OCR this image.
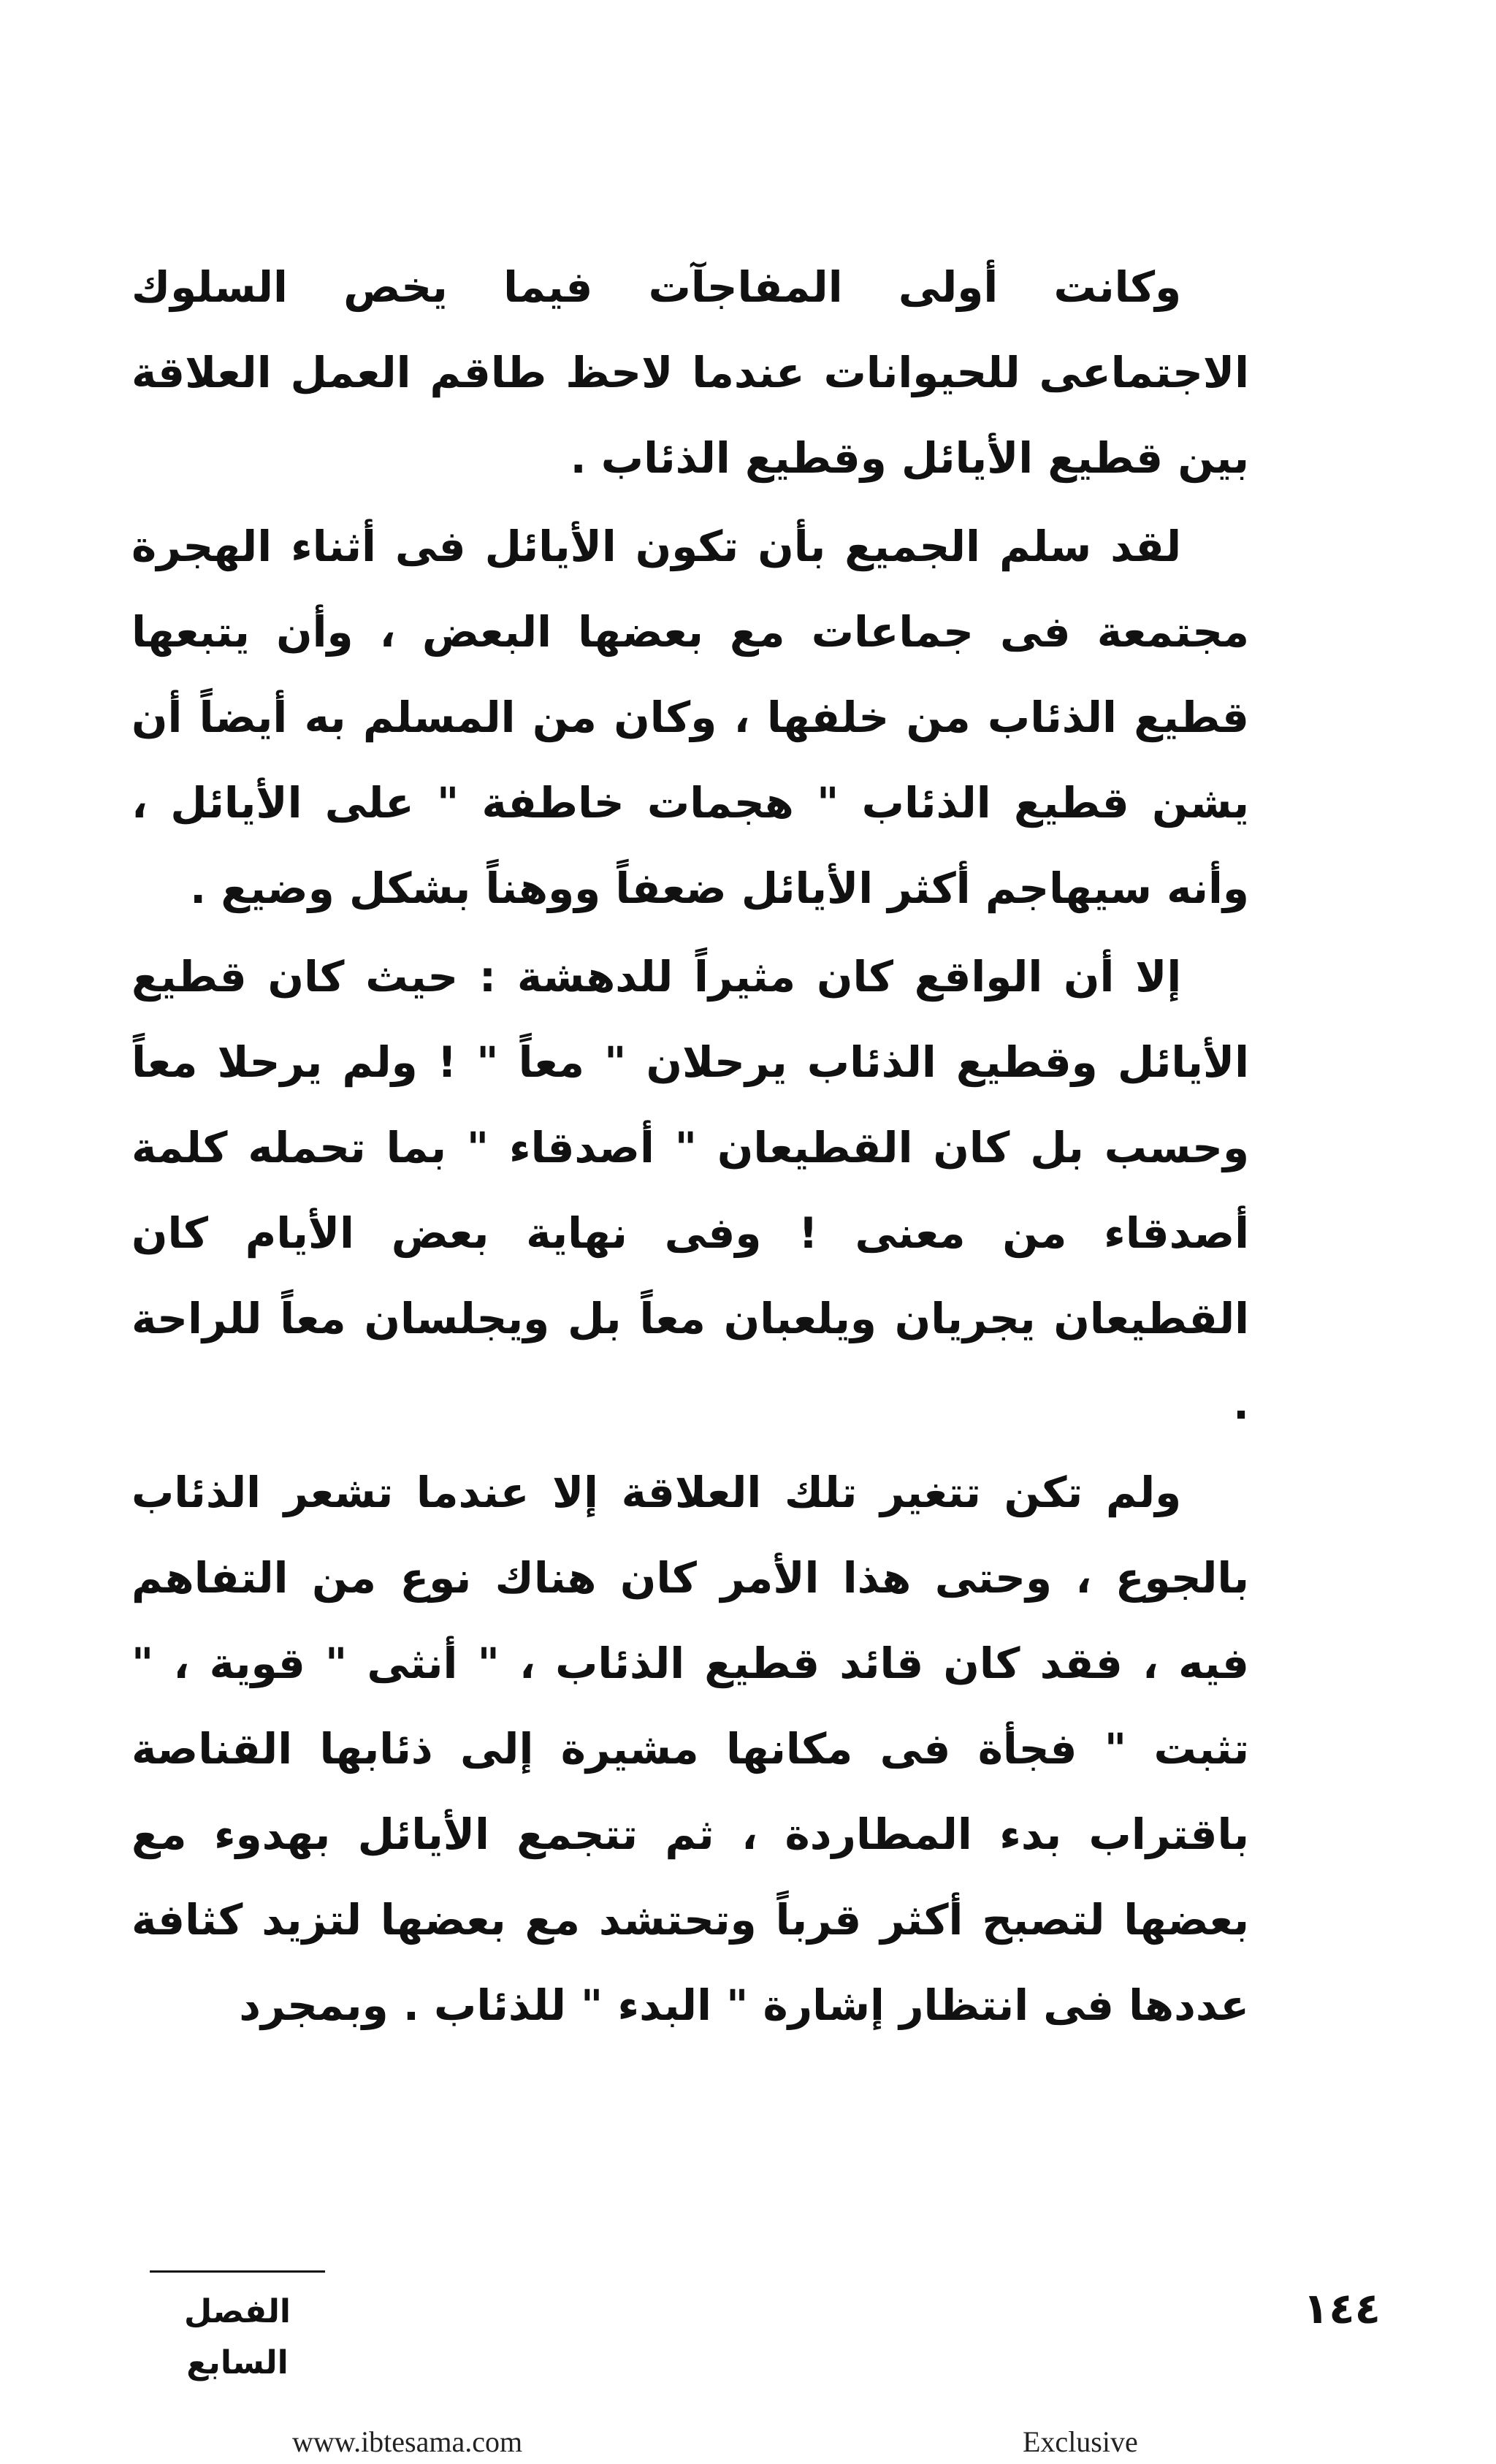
وكانت أولى المفاجآت فيما يخص السلوك الاجتماعى للحيوانات عندما لاحظ طاقم العمل العلاقة بين قطيع الأيائل وقطيع الذئاب .

لقد سلم الجميع بأن تكون الأيائل فى أثناء الهجرة مجتمعة فى جماعات مع بعضها البعض ، وأن يتبعها قطيع الذئاب من خلفها ، وكان من المسلم به أيضاً أن يشن قطيع الذئاب " هجمات خاطفة " على الأيائل ، وأنه سيهاجم أكثر الأيائل ضعفاً ووهناً بشكل وضيع .

إلا أن الواقع كان مثيراً للدهشة : حيث كان قطيع الأيائل وقطيع الذئاب يرحلان " معاً " ! ولم يرحلا معاً وحسب بل كان القطيعان " أصدقاء " بما تحمله كلمة أصدقاء من معنى ! وفى نهاية بعض الأيام كان القطيعان يجريان ويلعبان معاً بل ويجلسان معاً للراحة .

ولم تكن تتغير تلك العلاقة إلا عندما تشعر الذئاب بالجوع ، وحتى هذا الأمر كان هناك نوع من التفاهم فيه ، فقد كان قائد قطيع الذئاب ، " أنثى " قوية ، " تثبت " فجأة فى مكانها مشيرة إلى ذئابها القناصة باقتراب بدء المطاردة ، ثم تتجمع الأيائل بهدوء مع بعضها لتصبح أكثر قرباً وتحتشد مع بعضها لتزيد كثافة عددها فى انتظار إشارة " البدء " للذئاب . وبمجرد

الفصل السابع
١٤٤
www.ibtesama.com	Exclusive
